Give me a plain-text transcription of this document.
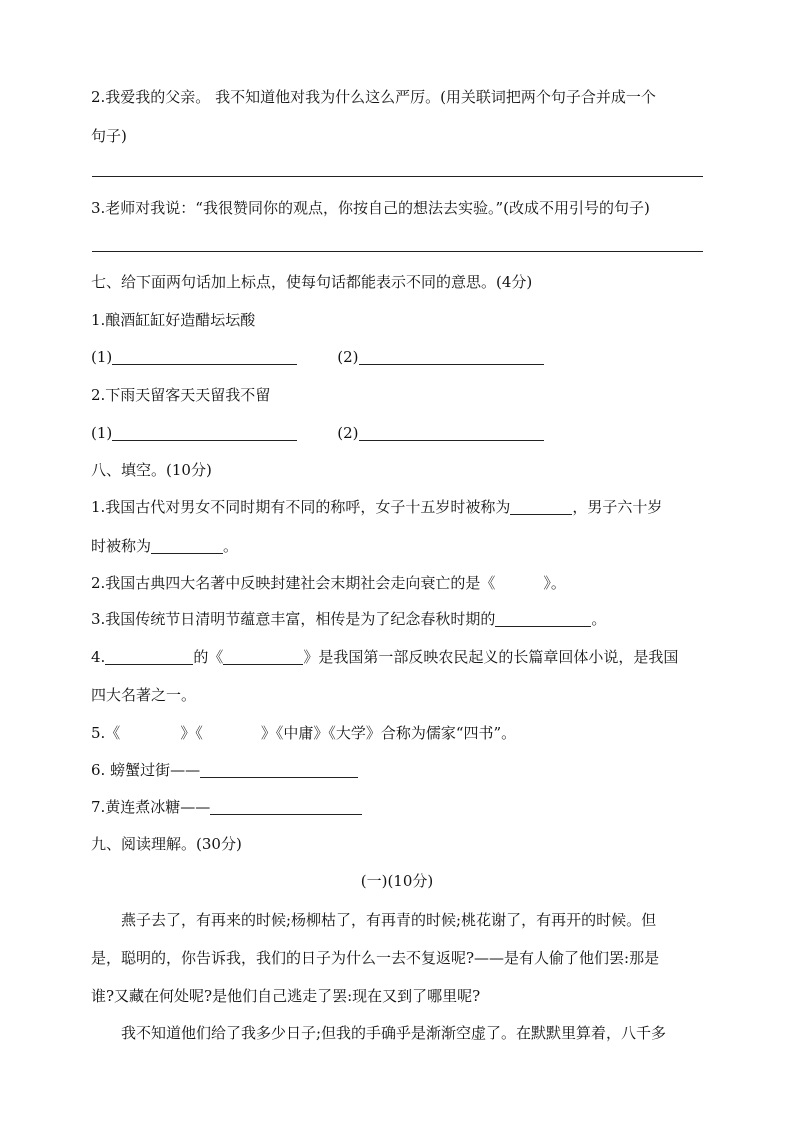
2.我爱我的父亲。 我不知道他对我为什么这么严厉。(用关联词把两个句子合并成一个
句子)
3.老师对我说：“我很赞同你的观点，你按自己的想法去实验。”(改成不用引号的句子)
七、给下面两句话加上标点，使每句话都能表示不同的意思。(4分)
1.酿酒缸缸好造醋坛坛酸
(1)	(2)
2.下雨天留客天天留我不留
(1)	(2)
八、填空。(10分)
1.我国古代对男女不同时期有不同的称呼，女子十五岁时被称为	，男子六十岁
时被称为	。
2.我国古典四大名著中反映封建社会末期社会走向衰亡的是《	》。
3.我国传统节日清明节蕴意丰富，相传是为了纪念春秋时期的	。
4.	的《	》是我国第一部反映农民起义的长篇章回体小说，是我国
四大名著之一。
5.《	》《	》《中庸》《大学》合称为儒家“四书”。
6. 螃蟹过街——
7.黄连煮冰糖——
九、阅读理解。(30分)
(一)(10分)
燕子去了，有再来的时候;杨柳枯了，有再青的时候;桃花谢了，有再开的时候。但
是，聪明的，你告诉我，我们的日子为什么一去不复返呢?——是有人偷了他们罢:那是
谁?又藏在何处呢?是他们自己逃走了罢:现在又到了哪里呢?
我不知道他们给了我多少日子;但我的手确乎是渐渐空虚了。在默默里算着，八千多
